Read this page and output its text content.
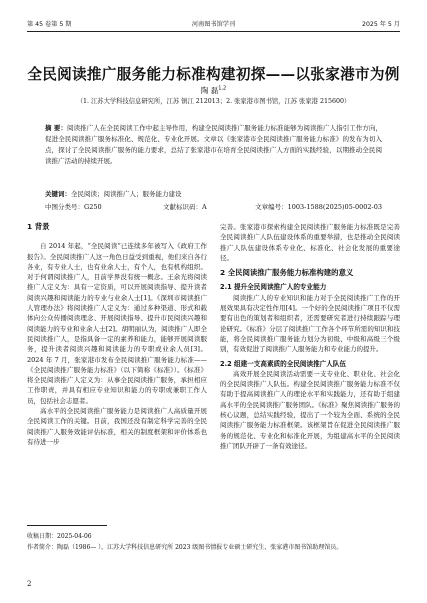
第 45 卷第 5 期	河南图书馆学刊	2025 年 5 月
全民阅读推广服务能力标准构建初探——以张家港市为例
陶 磊$^{1,2}$
（1. 江苏大学科技信息研究所，江苏 镇江 212013；2. 张家港市图书馆，江苏 张家港 215600）
摘 要：阅读推广人在全民阅读工作中起主导作用，构建全民阅读推广服务能力标准能够为阅读推广人指引工作方向，促进全民阅读推广服务标准化、规范化、专业化开展。文章以《张家港市全民阅读推广服务能力标准》的发布为切入点，探讨了全民阅读推广服务的能力要求，总结了张家港市在培育全民阅读推广人方面的实践经验，以期推动全民阅读推广活动的持续开展。
关键词：全民阅读；阅读推广人；服务能力建设
中图分类号：G250	文献标识码：A	文章编号：1003-1588(2025)05-0002-03
1 背景

自 2014 年起，“全民阅读”已连续多年被写入《政府工作报告》。全民阅读推广人这一角色日益受到重视，他们来自各行各业，有专业人士，也有业余人士，有个人，也有机构组织。对于何谓阅读推广人，目前学界没有统一概念。王余光将阅读推广人定义为：具有一定资质，可以开展阅读指导、提升读者阅读兴趣和阅读能力的专业与业余人士[1]。《深圳市阅读推广人管理办法》将阅读推广人定义为：通过多种渠道、形式和载体向公众传播阅读理念、开展阅读指导、提升市民阅读兴趣和阅读能力的专业和业余人士[2]。胡明丽认为，阅读推广人即全民阅读推广人，是指具备一定的素养和能力，能够开展阅读服务，提升读者阅读兴趣和阅读能力的专职或业余人员[3]。2024 年 7 月，张家港市发布全民阅读推广服务能力标准——《全民阅读推广服务能力标准》（以下简称《标准》）。《标准》将全民阅读推广人定义为：从事全民阅读推广服务，承担相应工作职责，并具有相应专业知识和能力的专职或兼职工作人员，包括社会志愿者。

高水平的全民阅读推广服务能力是阅读推广人高质量开展全民阅读工作的关键。目前，我国还没有制定科学完善的全民阅读推广人服务效能评估标准，相关的制度框架和评价体系也有待进一步

完善。张家港市探索构建全民阅读推广服务能力标准既是完善全民阅读推广人队伍建设体系的重要举措，也是推动全民阅读推广人队伍建设体系专业化、标准化、社会化发展的重要途径。

2 全民阅读推广服务能力标准构建的意义
2.1 提升全民阅读推广人的专业能力

阅读推广人的专业知识和能力对于全民阅读推广工作的开展效果具有决定性作用[4]。一个好的全民阅读推广项目不仅需要有出色的策划者和组织者，还需要研究者进行持续跟踪与理论研究。《标准》分层了阅读推广工作各个环节所需的知识和技能，将全民阅读推广服务能力划分为初级、中级和高级三个级别，有效促进了阅读推广人服务能力和专业能力的提升。

2.2 组建一支高素质的全民阅读推广人队伍

高效开展全民阅读活动需要一支专业化、职业化、社会化的全民阅读推广人队伍。构建全民阅读推广服务能力标准不仅有助于提高阅读推广人的理论水平和实践能力，还有助于组建高水平的全民阅读推广服务团队。《标准》聚焦阅读推广服务的核心议题，总结实践经验，提出了一个较为全面、系统的全民阅读推广服务能力标准框架。该框架旨在促进全民阅读推广服务的规范化、专业化和标准化开展，为组建高水平的全民阅读推广团队开辟了一条有效途径。

收稿日期：2025-04-06
作者简介：陶磊（1986— ），江苏大学科技信息研究所 2023 级图书情报专业硕士研究生，张家港市图书馆助理馆员。
2
